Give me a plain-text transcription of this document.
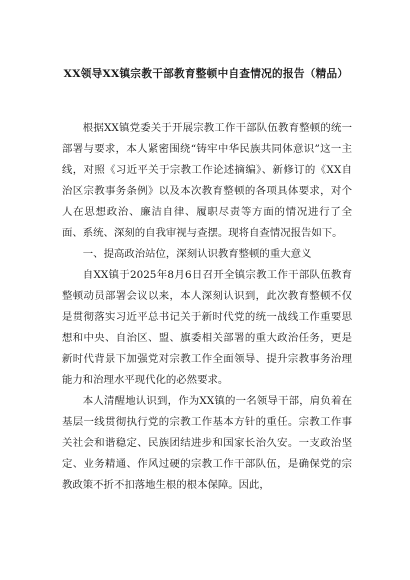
XX领导XX镇宗教干部教育整顿中自查情况的报告（精品）

根据XX镇党委关于开展宗教工作干部队伍教育整顿的统一部署与要求，本人紧密围绕“铸牢中华民族共同体意识”这一主线，对照《习近平关于宗教工作论述摘编》、新修订的《XX自治区宗教事务条例》以及本次教育整顿的各项具体要求，对个人在思想政治、廉洁自律、履职尽责等方面的情况进行了全面、系统、深刻的自我审视与查摆。现将自查情况报告如下。

一、提高政治站位，深刻认识教育整顿的重大意义

自XX镇于2025年8月6日召开全镇宗教工作干部队伍教育整顿动员部署会议以来，本人深刻认识到，此次教育整顿不仅是贯彻落实习近平总书记关于新时代党的统一战线工作重要思想和中央、自治区、盟、旗委相关部署的重大政治任务，更是新时代背景下加强党对宗教工作全面领导、提升宗教事务治理能力和治理水平现代化的必然要求。

本人清醒地认识到，作为XX镇的一名领导干部，肩负着在基层一线贯彻执行党的宗教工作基本方针的重任。宗教工作事关社会和谐稳定、民族团结进步和国家长治久安。一支政治坚定、业务精通、作风过硬的宗教工作干部队伍，是确保党的宗教政策不折不扣落地生根的根本保障。因此，
